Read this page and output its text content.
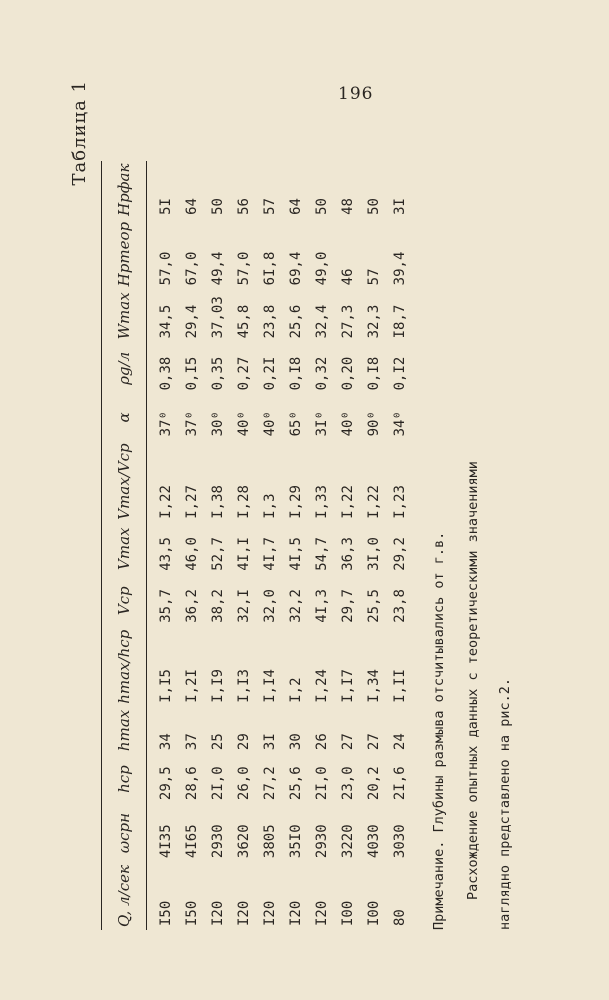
196
Таблица 1
Q, л/сек	ωсрн	hср	hmax	hmax/hср	Vср	Vmax	Vmax/Vср	α	ρg/л	Wmax	Hртеор	Hрфак
I50	4I35	29,5	34	I,I5	35,7	43,5	I,22	37⁰	0,38	34,5	57,0	5I
I50	4I65	28,6	37	I,2I	36,2	46,0	I,27	37⁰	0,I5	29,4	67,0	64
I20	2930	2I,0	25	I,I9	38,2	52,7	I,38	30⁰	0,35	37,03	49,4	50
I20	3620	26,0	29	I,I3	32,I	4I,I	I,28	40⁰	0,27	45,8	57,0	56
I20	3805	27,2	3I	I,I4	32,0	4I,7	I,3	40⁰	0,2I	23,8	6I,8	57
I20	35I0	25,6	30	I,2	32,2	4I,5	I,29	65⁰	0,I8	25,6	69,4	64
I20	2930	2I,0	26	I,24	4I,3	54,7	I,33	3I⁰	0,32	32,4	49,0	50
I00	3220	23,0	27	I,I7	29,7	36,3	I,22	40⁰	0,20	27,3	46	48
I00	4030	20,2	27	I,34	25,5	3I,0	I,22	90⁰	0,I8	32,3	57	50
80	3030	2I,6	24	I,II	23,8	29,2	I,23	34⁰	0,I2	I8,7	39,4	3I
Примечание. Глубины размыва отсчитывались от г.в. Расхождение опытных данных с теоретическими значениями наглядно представлено на рис.2.
